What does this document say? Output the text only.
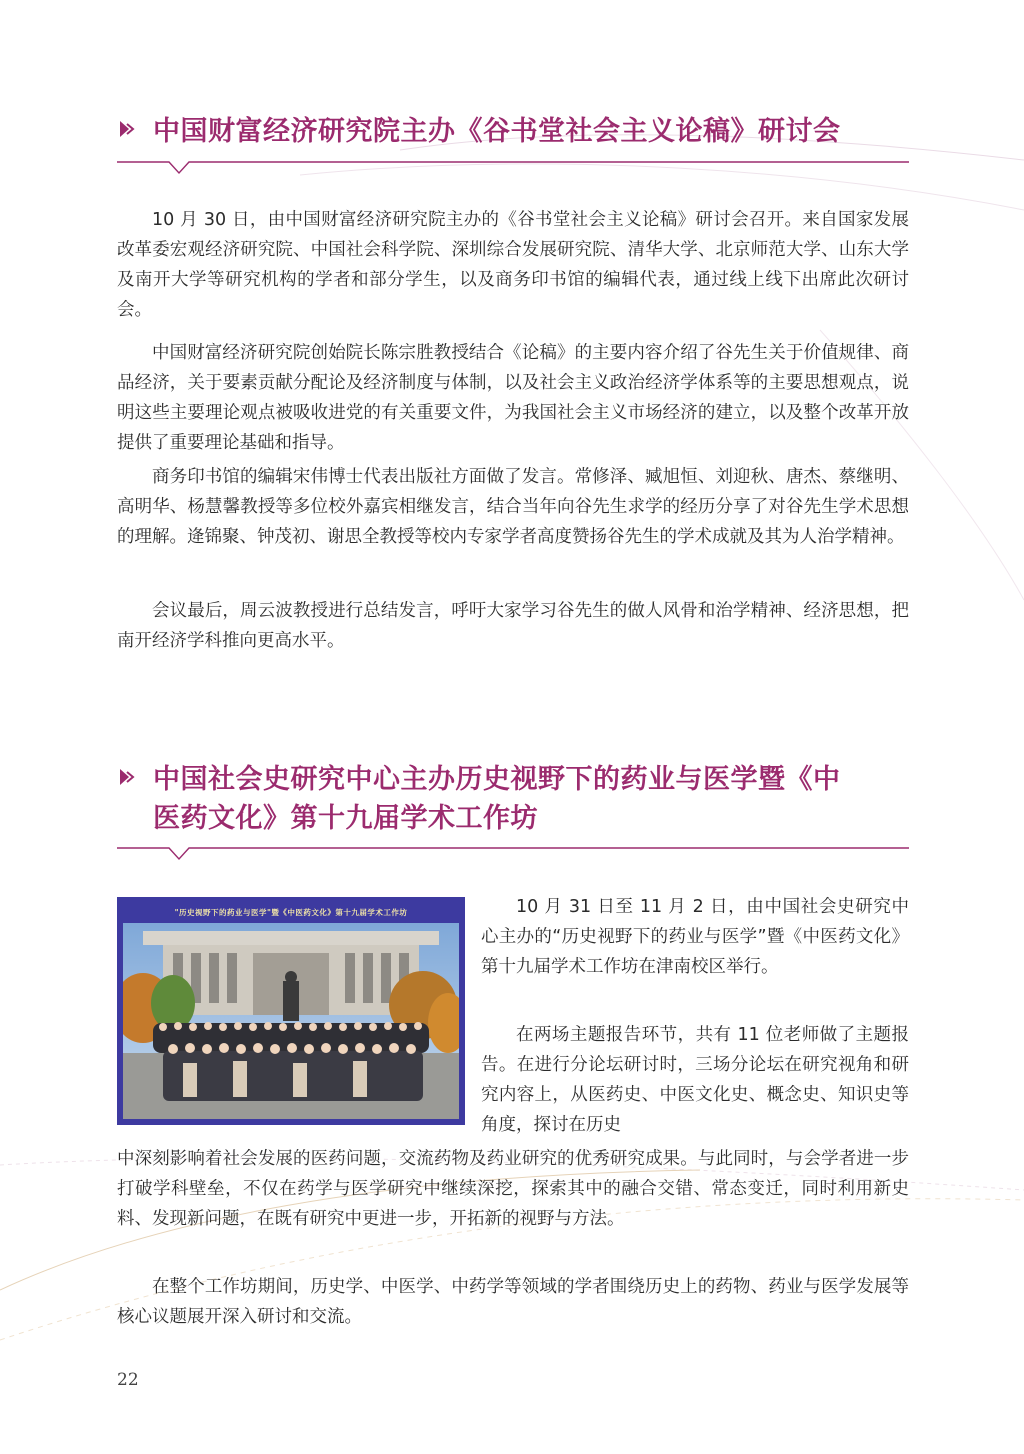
中国财富经济研究院主办《谷书堂社会主义论稿》研讨会

10 月 30 日，由中国财富经济研究院主办的《谷书堂社会主义论稿》研讨会召开。来自国家发展改革委宏观经济研究院、中国社会科学院、深圳综合发展研究院、清华大学、北京师范大学、山东大学及南开大学等研究机构的学者和部分学生，以及商务印书馆的编辑代表，通过线上线下出席此次研讨会。

中国财富经济研究院创始院长陈宗胜教授结合《论稿》的主要内容介绍了谷先生关于价值规律、商品经济，关于要素贡献分配论及经济制度与体制，以及社会主义政治经济学体系等的主要思想观点，说明这些主要理论观点被吸收进党的有关重要文件，为我国社会主义市场经济的建立，以及整个改革开放提供了重要理论基础和指导。

商务印书馆的编辑宋伟博士代表出版社方面做了发言。常修泽、臧旭恒、刘迎秋、唐杰、蔡继明、高明华、杨慧馨教授等多位校外嘉宾相继发言，结合当年向谷先生求学的经历分享了对谷先生学术思想的理解。逄锦聚、钟茂初、谢思全教授等校内专家学者高度赞扬谷先生的学术成就及其为人治学精神。

会议最后，周云波教授进行总结发言，呼吁大家学习谷先生的做人风骨和治学精神、经济思想，把南开经济学科推向更高水平。

中国社会史研究中心主办历史视野下的药业与医学暨《中
医药文化》第十九届学术工作坊
"历史视野下的药业与医学"暨《中医药文化》第十九届学术工作坊	10 月 31 日至 11 月 2 日，由中国社会史研究中心主办的“历史视野下的药业与医学”暨《中医药文化》第十九届学术工作坊在津南校区举行。

在两场主题报告环节，共有 11 位老师做了主题报告。在进行分论坛研讨时，三场分论坛在研究视角和研究内容上，从医药史、中医文化史、概念史、知识史等角度，探讨在历史

中深刻影响着社会发展的医药问题，交流药物及药业研究的优秀研究成果。与此同时，与会学者进一步打破学科壁垒，不仅在药学与医学研究中继续深挖，探索其中的融合交错、常态变迁，同时利用新史料、发现新问题，在既有研究中更进一步，开拓新的视野与方法。

在整个工作坊期间，历史学、中医学、中药学等领域的学者围绕历史上的药物、药业与医学发展等核心议题展开深入研讨和交流。

22
